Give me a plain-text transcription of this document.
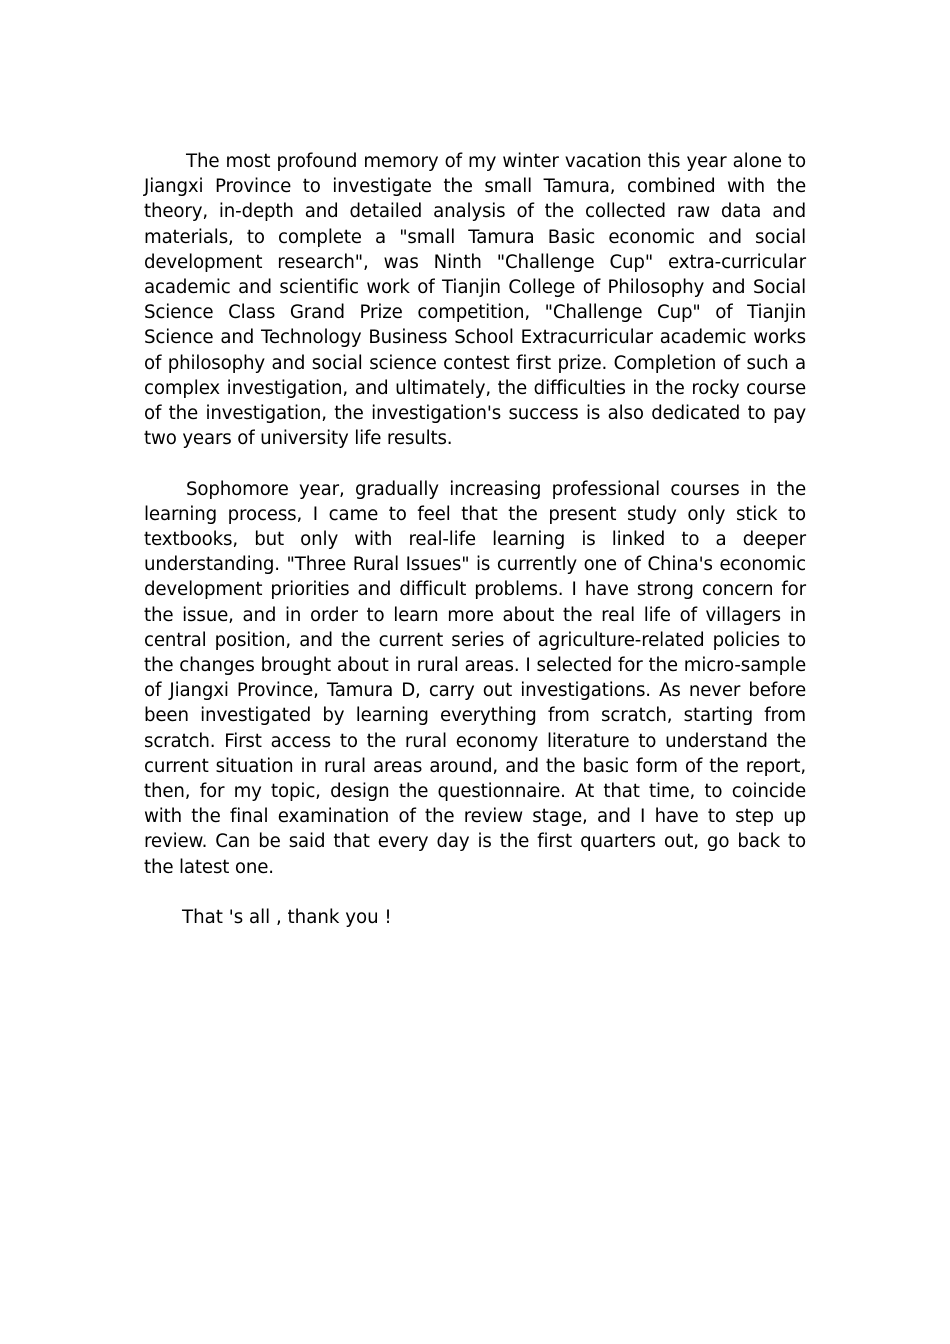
The most profound memory of my winter vacation this year alone to Jiangxi Province to investigate the small Tamura, combined with the theory, in-depth and detailed analysis of the collected raw data and materials, to complete a "small Tamura Basic economic and social development research", was Ninth "Challenge Cup" extra-curricular academic and scientific work of Tianjin College of Philosophy and Social Science Class Grand Prize competition, "Challenge Cup" of Tianjin Science and Technology Business School Extracurricular academic works of philosophy and social science contest first prize. Completion of such a complex investigation, and ultimately, the difficulties in the rocky course of the investigation, the investigation's success is also dedicated to pay two years of university life results.

Sophomore year, gradually increasing professional courses in the learning process, I came to feel that the present study only stick to textbooks, but only with real-life learning is linked to a deeper understanding. "Three Rural Issues" is currently one of China's economic development priorities and difficult problems. I have strong concern for the issue, and in order to learn more about the real life of villagers in central position, and the current series of agriculture-related policies to the changes brought about in rural areas. I selected for the micro-sample of Jiangxi Province, Tamura D, carry out investigations. As never before been investigated by learning everything from scratch, starting from scratch. First access to the rural economy literature to understand the current situation in rural areas around, and the basic form of the report, then, for my topic, design the questionnaire. At that time, to coincide with the final examination of the review stage, and I have to step up review. Can be said that every day is the first quarters out, go back to the latest one.

That 's all , thank you !
